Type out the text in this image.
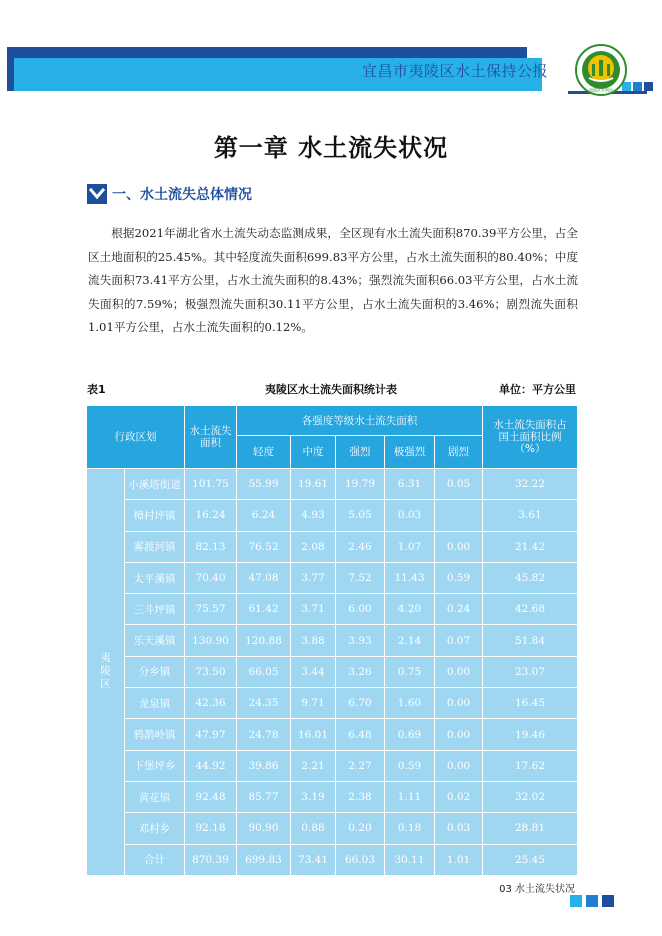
宜昌市夷陵区水土保持公报
夷陵区水利局
第一章 水土流失状况
一、水土流失总体情况

根据2021年湖北省水土流失动态监测成果，全区现有水土流失面积870.39平方公里，占全区土地面积的25.45%。其中轻度流失面积699.83平方公里，占水土流失面积的80.40%；中度流失面积73.41平方公里，占水土流失面积的8.43%；强烈流失面积66.03平方公里，占水土流失面积的7.59%；极强烈流失面积30.11平方公里，占水土流失面积的3.46%；剧烈流失面积1.01平方公里，占水土流失面积的0.12%。

表1	夷陵区水土流失面积统计表	单位：平方公里
行政区划		水土流失面积	各强度等级水土流失面积					水土流失面积占国土面积比例（%）
			轻度	中度	强烈	极强烈	剧烈	
夷陵区	小溪塔街道	101.75	55.99	19.61	19.79	6.31	0.05	32.22
	樟村坪镇	16.24	6.24	4.93	5.05	0.03		3.61
	雾渡河镇	82.13	76.52	2.08	2.46	1.07	0.00	21.42
	太平溪镇	70.40	47.08	3.77	7.52	11.43	0.59	45.82
	三斗坪镇	75.57	61.42	3.71	6.00	4.20	0.24	42.68
	乐天溪镇	130.90	120.88	3.88	3.93	2.14	0.07	51.84
	分乡镇	73.50	66.05	3.44	3.26	0.75	0.00	23.07
	龙泉镇	42.36	24.35	9.71	6.70	1.60	0.00	16.45
	鸦鹊岭镇	47.97	24.78	16.01	6.48	0.69	0.00	19.46
	下堡坪乡	44.92	39.86	2.21	2.27	0.59	0.00	17.62
	黄花镇	92.48	85.77	3.19	2.38	1.11	0.02	32.02
	邓村乡	92.18	90.90	0.88	0.20	0.18	0.03	28.81
	合计	870.39	699.83	73.41	66.03	30.11	1.01	25.45
03 水土流失状况
